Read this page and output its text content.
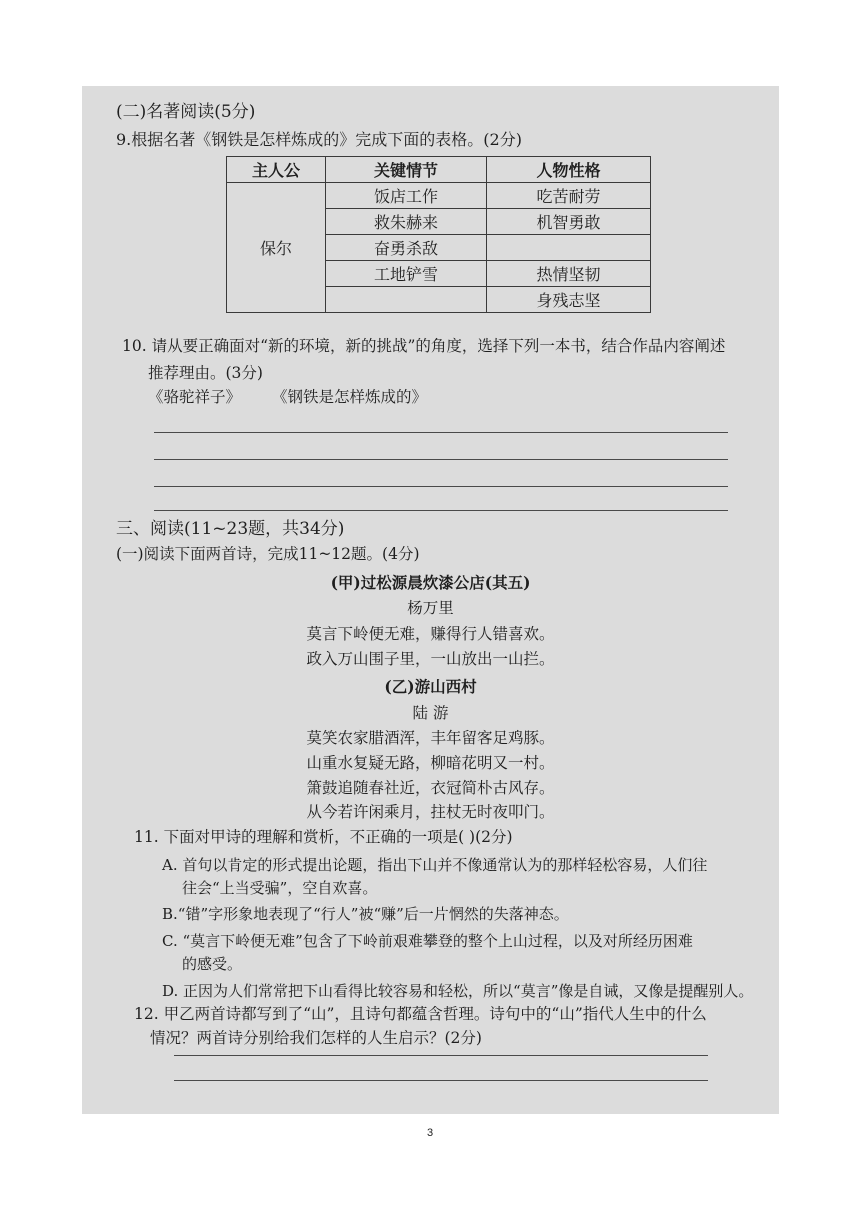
(二)名著阅读(5分)
9.根据名著《钢铁是怎样炼成的》完成下面的表格。(2分)
主人公	关键情节	人物性格
保尔	饭店工作	吃苦耐劳
	救朱赫来	机智勇敢
	奋勇杀敌	
	工地铲雪	热情坚韧
		身残志坚
10. 请从要正确面对“新的环境，新的挑战”的角度，选择下列一本书，结合作品内容阐述
推荐理由。(3分)
《骆驼祥子》 《钢铁是怎样炼成的》
三、阅读(11~23题，共34分)
(一)阅读下面两首诗，完成11~12题。(4分)
(甲)过松源晨炊漆公店(其五)
杨万里
莫言下岭便无难，赚得行人错喜欢。
政入万山围子里，一山放出一山拦。
(乙)游山西村
陆 游
莫笑农家腊酒浑，丰年留客足鸡豚。
山重水复疑无路，柳暗花明又一村。
箫鼓追随春社近，衣冠简朴古风存。
从今若许闲乘月，拄杖无时夜叩门。
11. 下面对甲诗的理解和赏析，不正确的一项是( )(2分)
A. 首句以肯定的形式提出论题，指出下山并不像通常认为的那样轻松容易，人们往
往会“上当受骗”，空自欢喜。
B.“错”字形象地表现了“行人”被“赚”后一片惘然的失落神态。
C. “莫言下岭便无难”包含了下岭前艰难攀登的整个上山过程，以及对所经历困难
的感受。
D. 正因为人们常常把下山看得比较容易和轻松，所以“莫言”像是自诫，又像是提醒别人。
12. 甲乙两首诗都写到了“山”，且诗句都蕴含哲理。诗句中的“山”指代人生中的什么
情况？两首诗分别给我们怎样的人生启示？(2分)
3
